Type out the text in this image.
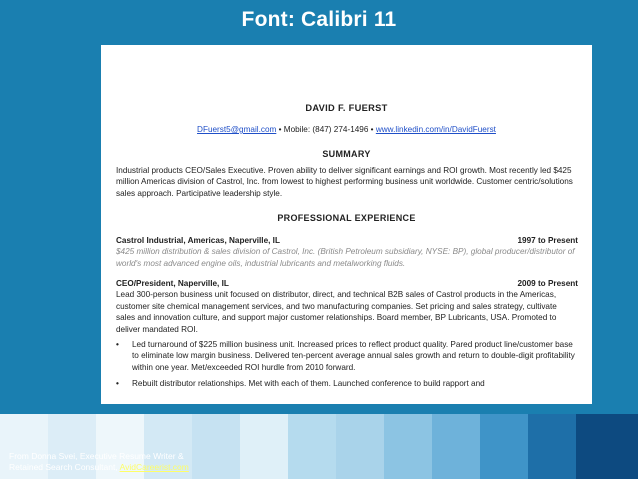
Font: Calibri 11
DAVID F. FUERST
DFuerst5@gmail.com • Mobile: (847) 274-1496 • www.linkedin.com/in/DavidFuerst
SUMMARY
Industrial products CEO/Sales Executive. Proven ability to deliver significant earnings and ROI growth. Most recently led $425 million Americas division of Castrol, Inc. from lowest to highest performing business unit worldwide. Customer centric/solutions sales approach. Participative leadership style.
PROFESSIONAL EXPERIENCE
Castrol Industrial, Americas, Naperville, IL	1997 to Present
$425 million distribution & sales division of Castrol, Inc. (British Petroleum subsidiary, NYSE: BP), global producer/distributor of world's most advanced engine oils, industrial lubricants and metalworking fluids.
CEO/President, Naperville, IL	2009 to Present
Lead 300-person business unit focused on distributor, direct, and technical B2B sales of Castrol products in the Americas, customer site chemical management services, and two manufacturing companies. Set pricing and sales strategy, cultivate sales and innovation culture, and support major customer relationships. Board member, BP Lubricants, USA. Promoted to deliver mandated ROI.
•	Led turnaround of $225 million business unit. Increased prices to reflect product quality. Pared product line/customer base to eliminate low margin business. Delivered ten-percent average annual sales growth and return to double-digit profitability within one year. Met/exceeded ROI hurdle from 2010 forward.
•	Rebuilt distributor relationships. Met with each of them. Launched conference to build rapport and
From Donna Svei, Executive Resume Writer &
Retained Search Consultant, AvidCareerist.com
